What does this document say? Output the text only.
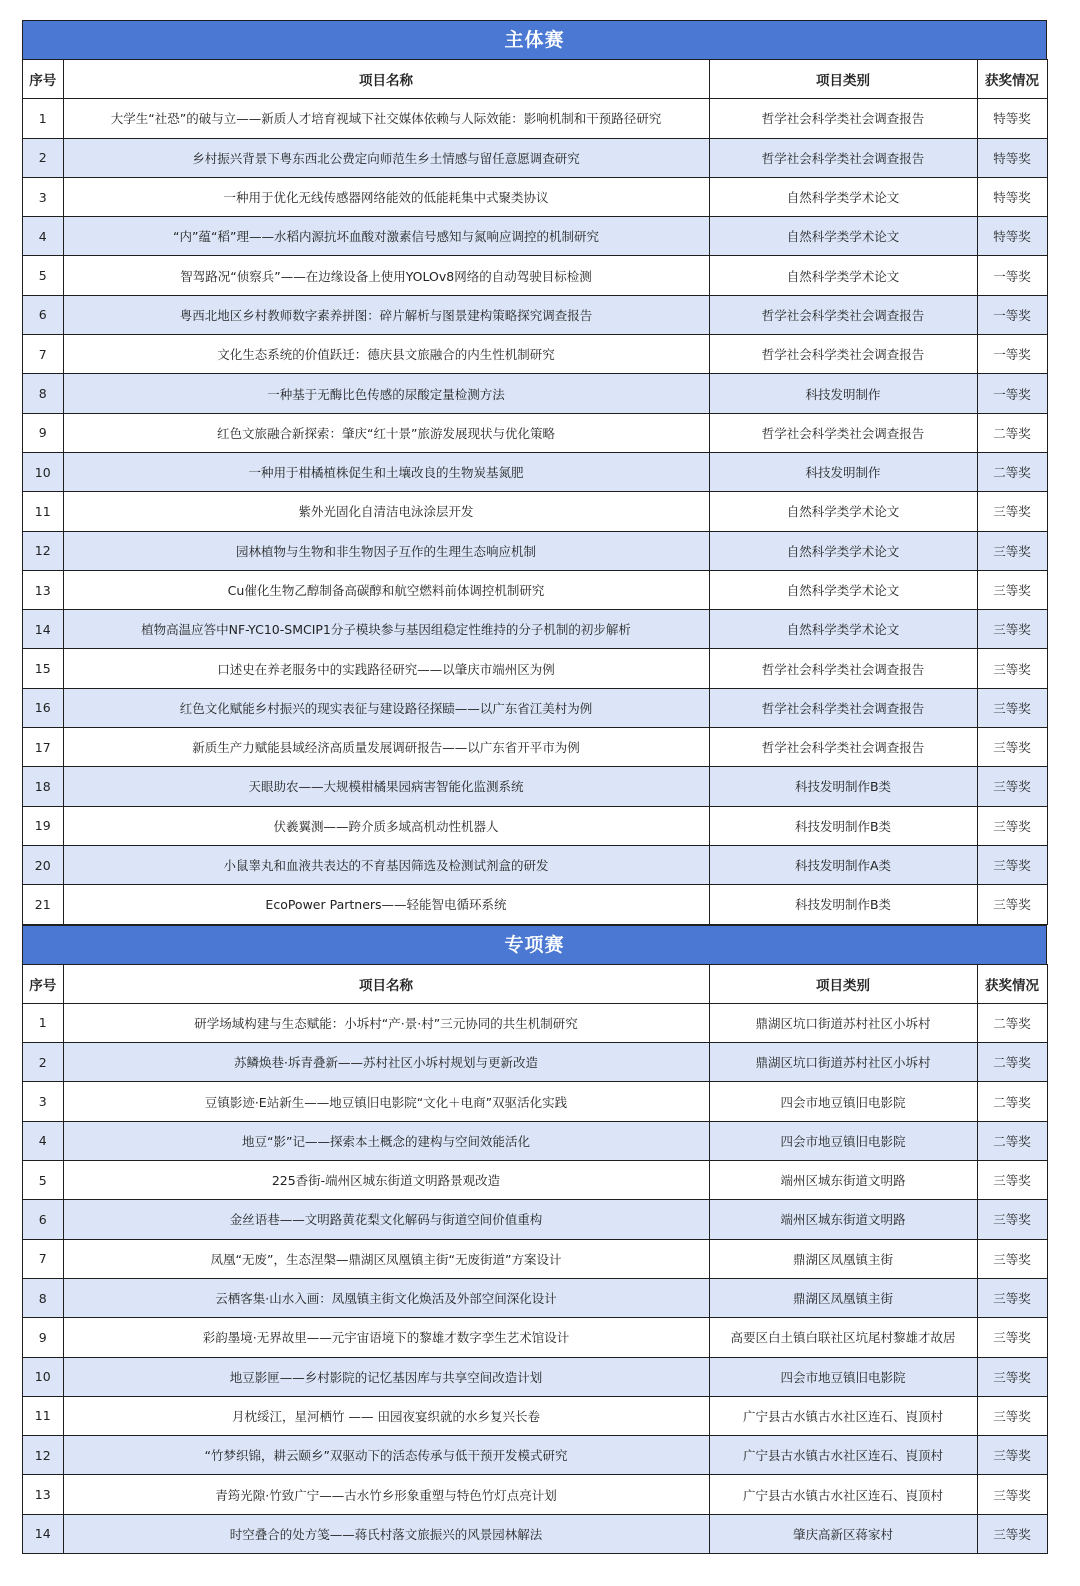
主体赛
序号	项目名称	项目类别	获奖情况
1	大学生“社恐”的破与立——新质人才培育视域下社交媒体依赖与人际效能：影响机制和干预路径研究	哲学社会科学类社会调查报告	特等奖
2	乡村振兴背景下粤东西北公费定向师范生乡土情感与留任意愿调查研究	哲学社会科学类社会调查报告	特等奖
3	一种用于优化无线传感器网络能效的低能耗集中式聚类协议	自然科学类学术论文	特等奖
4	“内”蕴“稻”理——水稻内源抗坏血酸对激素信号感知与氮响应调控的机制研究	自然科学类学术论文	特等奖
5	智驾路况“侦察兵”——在边缘设备上使用YOLOv8网络的自动驾驶目标检测	自然科学类学术论文	一等奖
6	粤西北地区乡村教师数字素养拼图：碎片解析与图景建构策略探究调查报告	哲学社会科学类社会调查报告	一等奖
7	文化生态系统的价值跃迁：德庆县文旅融合的内生性机制研究	哲学社会科学类社会调查报告	一等奖
8	一种基于无酶比色传感的尿酸定量检测方法	科技发明制作	一等奖
9	红色文旅融合新探索：肇庆“红十景”旅游发展现状与优化策略	哲学社会科学类社会调查报告	二等奖
10	一种用于柑橘植株促生和土壤改良的生物炭基氮肥	科技发明制作	二等奖
11	紫外光固化自清洁电泳涂层开发	自然科学类学术论文	三等奖
12	园林植物与生物和非生物因子互作的生理生态响应机制	自然科学类学术论文	三等奖
13	Cu催化生物乙醇制备高碳醇和航空燃料前体调控机制研究	自然科学类学术论文	三等奖
14	植物高温应答中NF-YC10-SMCIP1分子模块参与基因组稳定性维持的分子机制的初步解析	自然科学类学术论文	三等奖
15	口述史在养老服务中的实践路径研究——以肇庆市端州区为例	哲学社会科学类社会调查报告	三等奖
16	红色文化赋能乡村振兴的现实表征与建设路径探赜——以广东省江美村为例	哲学社会科学类社会调查报告	三等奖
17	新质生产力赋能县域经济高质量发展调研报告——以广东省开平市为例	哲学社会科学类社会调查报告	三等奖
18	天眼助农——大规模柑橘果园病害智能化监测系统	科技发明制作B类	三等奖
19	伏羲翼测——跨介质多域高机动性机器人	科技发明制作B类	三等奖
20	小鼠睾丸和血液共表达的不育基因筛选及检测试剂盒的研发	科技发明制作A类	三等奖
21	EcoPower Partners——轻能智电循环系统	科技发明制作B类	三等奖
专项赛
序号	项目名称	项目类别	获奖情况
1	研学场域构建与生态赋能：小坼村“产·景·村”三元协同的共生机制研究	鼎湖区坑口街道苏村社区小坼村	二等奖
2	苏鳞焕巷·坼青叠新——苏村社区小坼村规划与更新改造	鼎湖区坑口街道苏村社区小坼村	二等奖
3	豆镇影迹·E站新生——地豆镇旧电影院“文化＋电商”双驱活化实践	四会市地豆镇旧电影院	二等奖
4	地豆“影”记——探索本土概念的建构与空间效能活化	四会市地豆镇旧电影院	二等奖
5	225香街-端州区城东街道文明路景观改造	端州区城东街道文明路	三等奖
6	金丝语巷——文明路黄花梨文化解码与街道空间价值重构	端州区城东街道文明路	三等奖
7	凤凰“无废”，生态涅槃—鼎湖区凤凰镇主街“无废街道”方案设计	鼎湖区凤凰镇主街	三等奖
8	云栖客集·山水入画：凤凰镇主街文化焕活及外部空间深化设计	鼎湖区凤凰镇主街	三等奖
9	彩韵墨境·无界故里——元宇宙语境下的黎雄才数字孪生艺术馆设计	高要区白土镇白联社区坑尾村黎雄才故居	三等奖
10	地豆影匣——乡村影院的记忆基因库与共享空间改造计划	四会市地豆镇旧电影院	三等奖
11	月枕绥江，星河栖竹 —— 田园夜宴织就的水乡复兴长卷	广宁县古水镇古水社区连石、崀顶村	三等奖
12	“竹梦织锦，耕云颐乡”双驱动下的活态传承与低干预开发模式研究	广宁县古水镇古水社区连石、崀顶村	三等奖
13	青筠光隙·竹致广宁——古水竹乡形象重塑与特色竹灯点亮计划	广宁县古水镇古水社区连石、崀顶村	三等奖
14	时空叠合的处方笺——蒋氏村落文旅振兴的风景园林解法	肇庆高新区蒋家村	三等奖
